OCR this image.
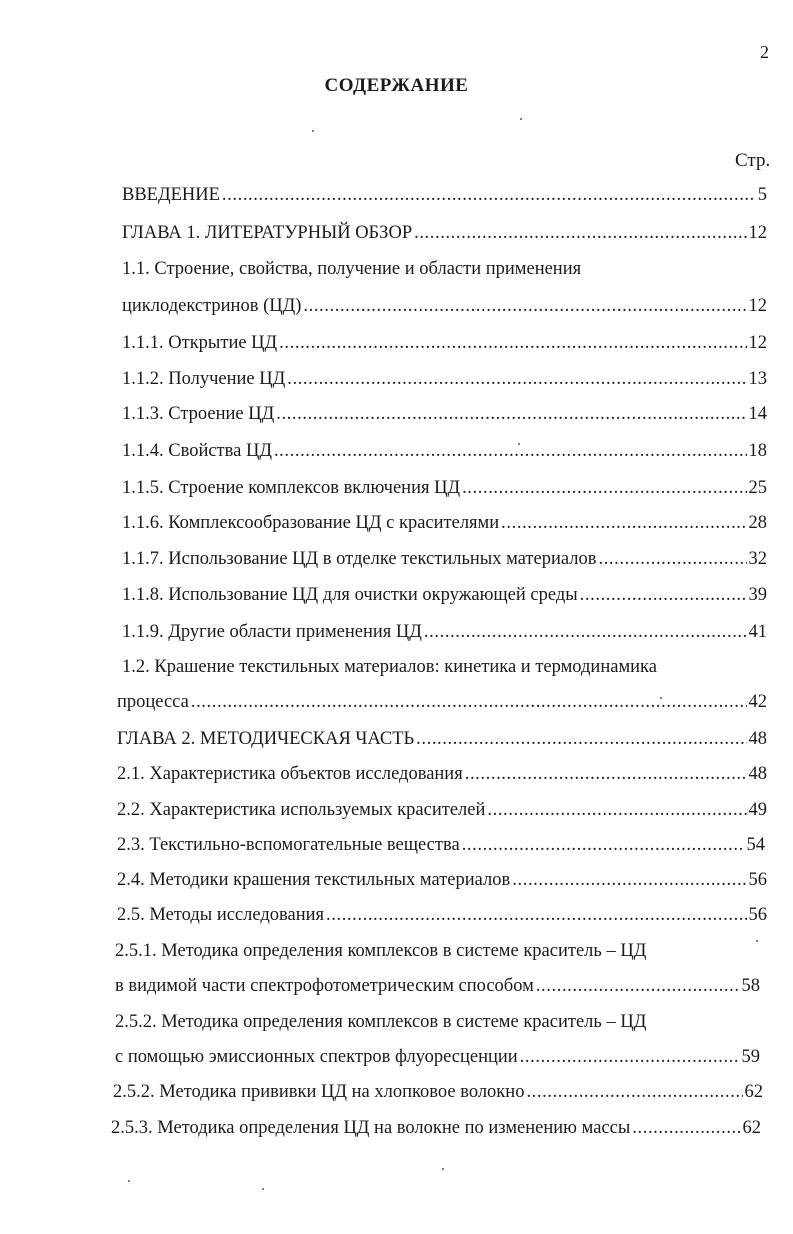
2
СОДЕРЖАНИЕ
Стр.
ВВЕДЕНИЕ .....	5
ГЛАВА 1. ЛИТЕРАТУРНЫЙ ОБЗОР .....	12
1.1. Строение, свойства, получение и области применения
циклодекстринов (ЦД) .....	12
1.1.1. Открытие ЦД .....	12
1.1.2. Получение ЦД .....	13
1.1.3. Строение ЦД .....	14
1.1.4. Свойства ЦД .....	18
1.1.5. Строение комплексов включения ЦД .....	25
1.1.6. Комплексообразование ЦД с красителями .....	28
1.1.7. Использование ЦД в отделке текстильных материалов .....	32
1.1.8. Использование ЦД для очистки окружающей среды .....	39
1.1.9. Другие области применения ЦД .....	41
1.2. Крашение текстильных материалов: кинетика и термодинамика
процесса .....	42
ГЛАВА 2. МЕТОДИЧЕСКАЯ ЧАСТЬ .....	48
2.1. Характеристика объектов исследования .....	48
2.2. Характеристика используемых красителей .....	49
2.3. Текстильно-вспомогательные вещества .....	54
2.4. Методики крашения текстильных материалов .....	56
2.5. Методы исследования .....	56
2.5.1. Методика определения комплексов в системе краситель – ЦД
в видимой части спектрофотометрическим способом .....	58
2.5.2. Методика определения комплексов в системе краситель – ЦД
с помощью эмиссионных спектров флуоресценции .....	59
2.5.2. Методика прививки ЦД на хлопковое волокно .....	62
2.5.3. Методика определения ЦД на волокне по изменению массы .....	62
